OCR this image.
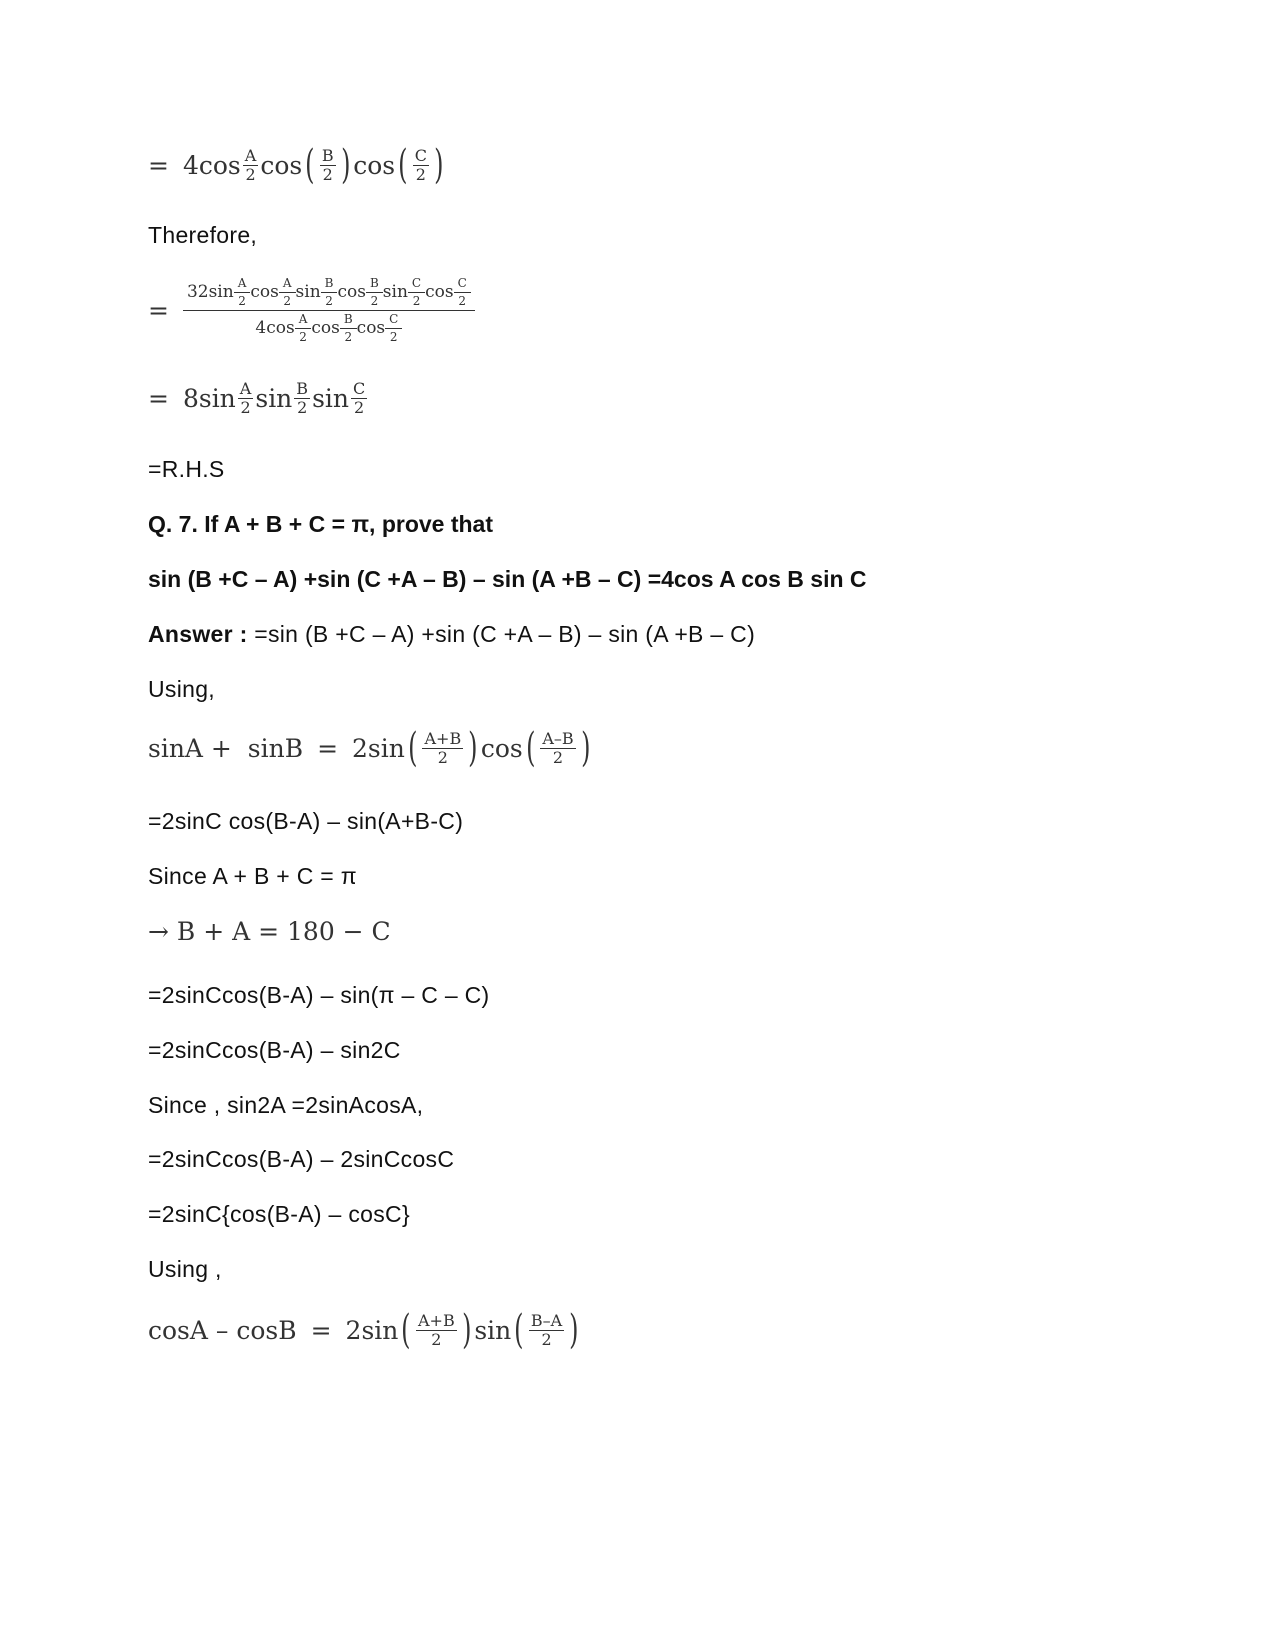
= $4\cos \frac{A}{2}$ cos ( $\frac{B}{2}$ ) cos ( $\frac{C}{2}$ )
Therefore,
= $\frac{32\sin \frac{A}{2} \cos \frac{A}{2} \sin \frac{B}{2} \cos \frac{B}{2} \sin \frac{C}{2} \cos \frac{C}{2}}{4\cos \frac{A}{2} \cos \frac{B}{2} \cos \frac{C}{2}}$
= $8\sin \frac{A}{2}$ $\sin \frac{B}{2}$ $\sin \frac{C}{2}$
=R.H.S
Q. 7. If A + B + C = π, prove that
sin (B +C – A) +sin (C +A – B) – sin (A +B – C) =4cos A cos B sin C
Answer : =sin (B +C – A) +sin (C +A – B) – sin (A +B – C)
Using,
sinA +  sinB = 2sin ( $\frac{A+B}{2}$ ) cos ( $\frac{A-B}{2}$ )
=2sinC cos(B-A) – sin(A+B-C)
Since A + B + C = π
→ B + A = 180 − C
=2sinCcos(B-A) – sin(π – C – C)
=2sinCcos(B-A) – sin2C
Since , sin2A =2sinAcosA,
=2sinCcos(B-A) – 2sinCcosC
=2sinC{cos(B-A) – cosC}
Using ,
cosA – cosB = 2sin ( $\frac{A+B}{2}$ ) sin ( $\frac{B-A}{2}$ )
